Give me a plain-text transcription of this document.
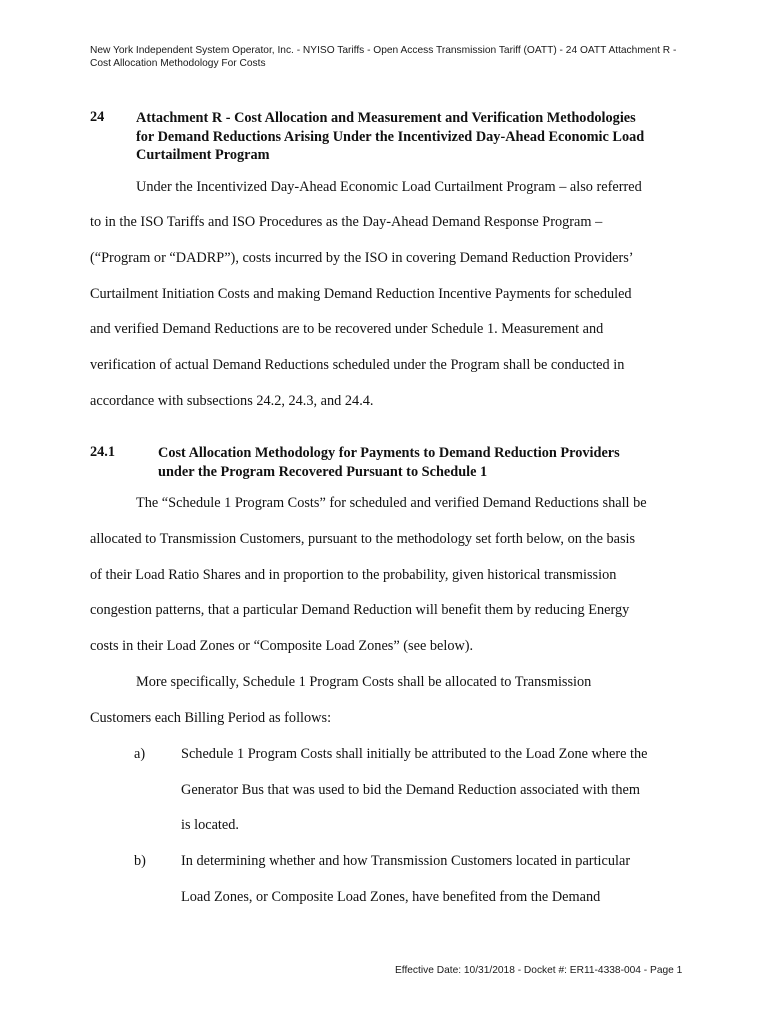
New York Independent System Operator, Inc. - NYISO Tariffs - Open Access Transmission Tariff (OATT) - 24 OATT Attachment R -
Cost Allocation Methodology For Costs
24 Attachment R - Cost Allocation and Measurement and Verification Methodologies
for Demand Reductions Arising Under the Incentivized Day-Ahead Economic Load
Curtailment Program
Under the Incentivized Day-Ahead Economic Load Curtailment Program – also referred
to in the ISO Tariffs and ISO Procedures as the Day-Ahead Demand Response Program –
(“Program or “DADRP”), costs incurred by the ISO in covering Demand Reduction Providers’
Curtailment Initiation Costs and making Demand Reduction Incentive Payments for scheduled
and verified Demand Reductions are to be recovered under Schedule 1. Measurement and
verification of actual Demand Reductions scheduled under the Program shall be conducted in
accordance with subsections 24.2, 24.3, and 24.4.
24.1	Cost Allocation Methodology for Payments to Demand Reduction Providers
under the Program Recovered Pursuant to Schedule 1
The “Schedule 1 Program Costs” for scheduled and verified Demand Reductions shall be
allocated to Transmission Customers, pursuant to the methodology set forth below, on the basis
of their Load Ratio Shares and in proportion to the probability, given historical transmission
congestion patterns, that a particular Demand Reduction will benefit them by reducing Energy
costs in their Load Zones or “Composite Load Zones” (see below).
More specifically, Schedule 1 Program Costs shall be allocated to Transmission
Customers each Billing Period as follows:
a)	Schedule 1 Program Costs shall initially be attributed to the Load Zone where the
Generator Bus that was used to bid the Demand Reduction associated with them
is located.
b) In determining whether and how Transmission Customers located in particular
Load Zones, or Composite Load Zones, have benefited from the Demand
Effective Date: 10/31/2018 - Docket #: ER11-4338-004 - Page 1
